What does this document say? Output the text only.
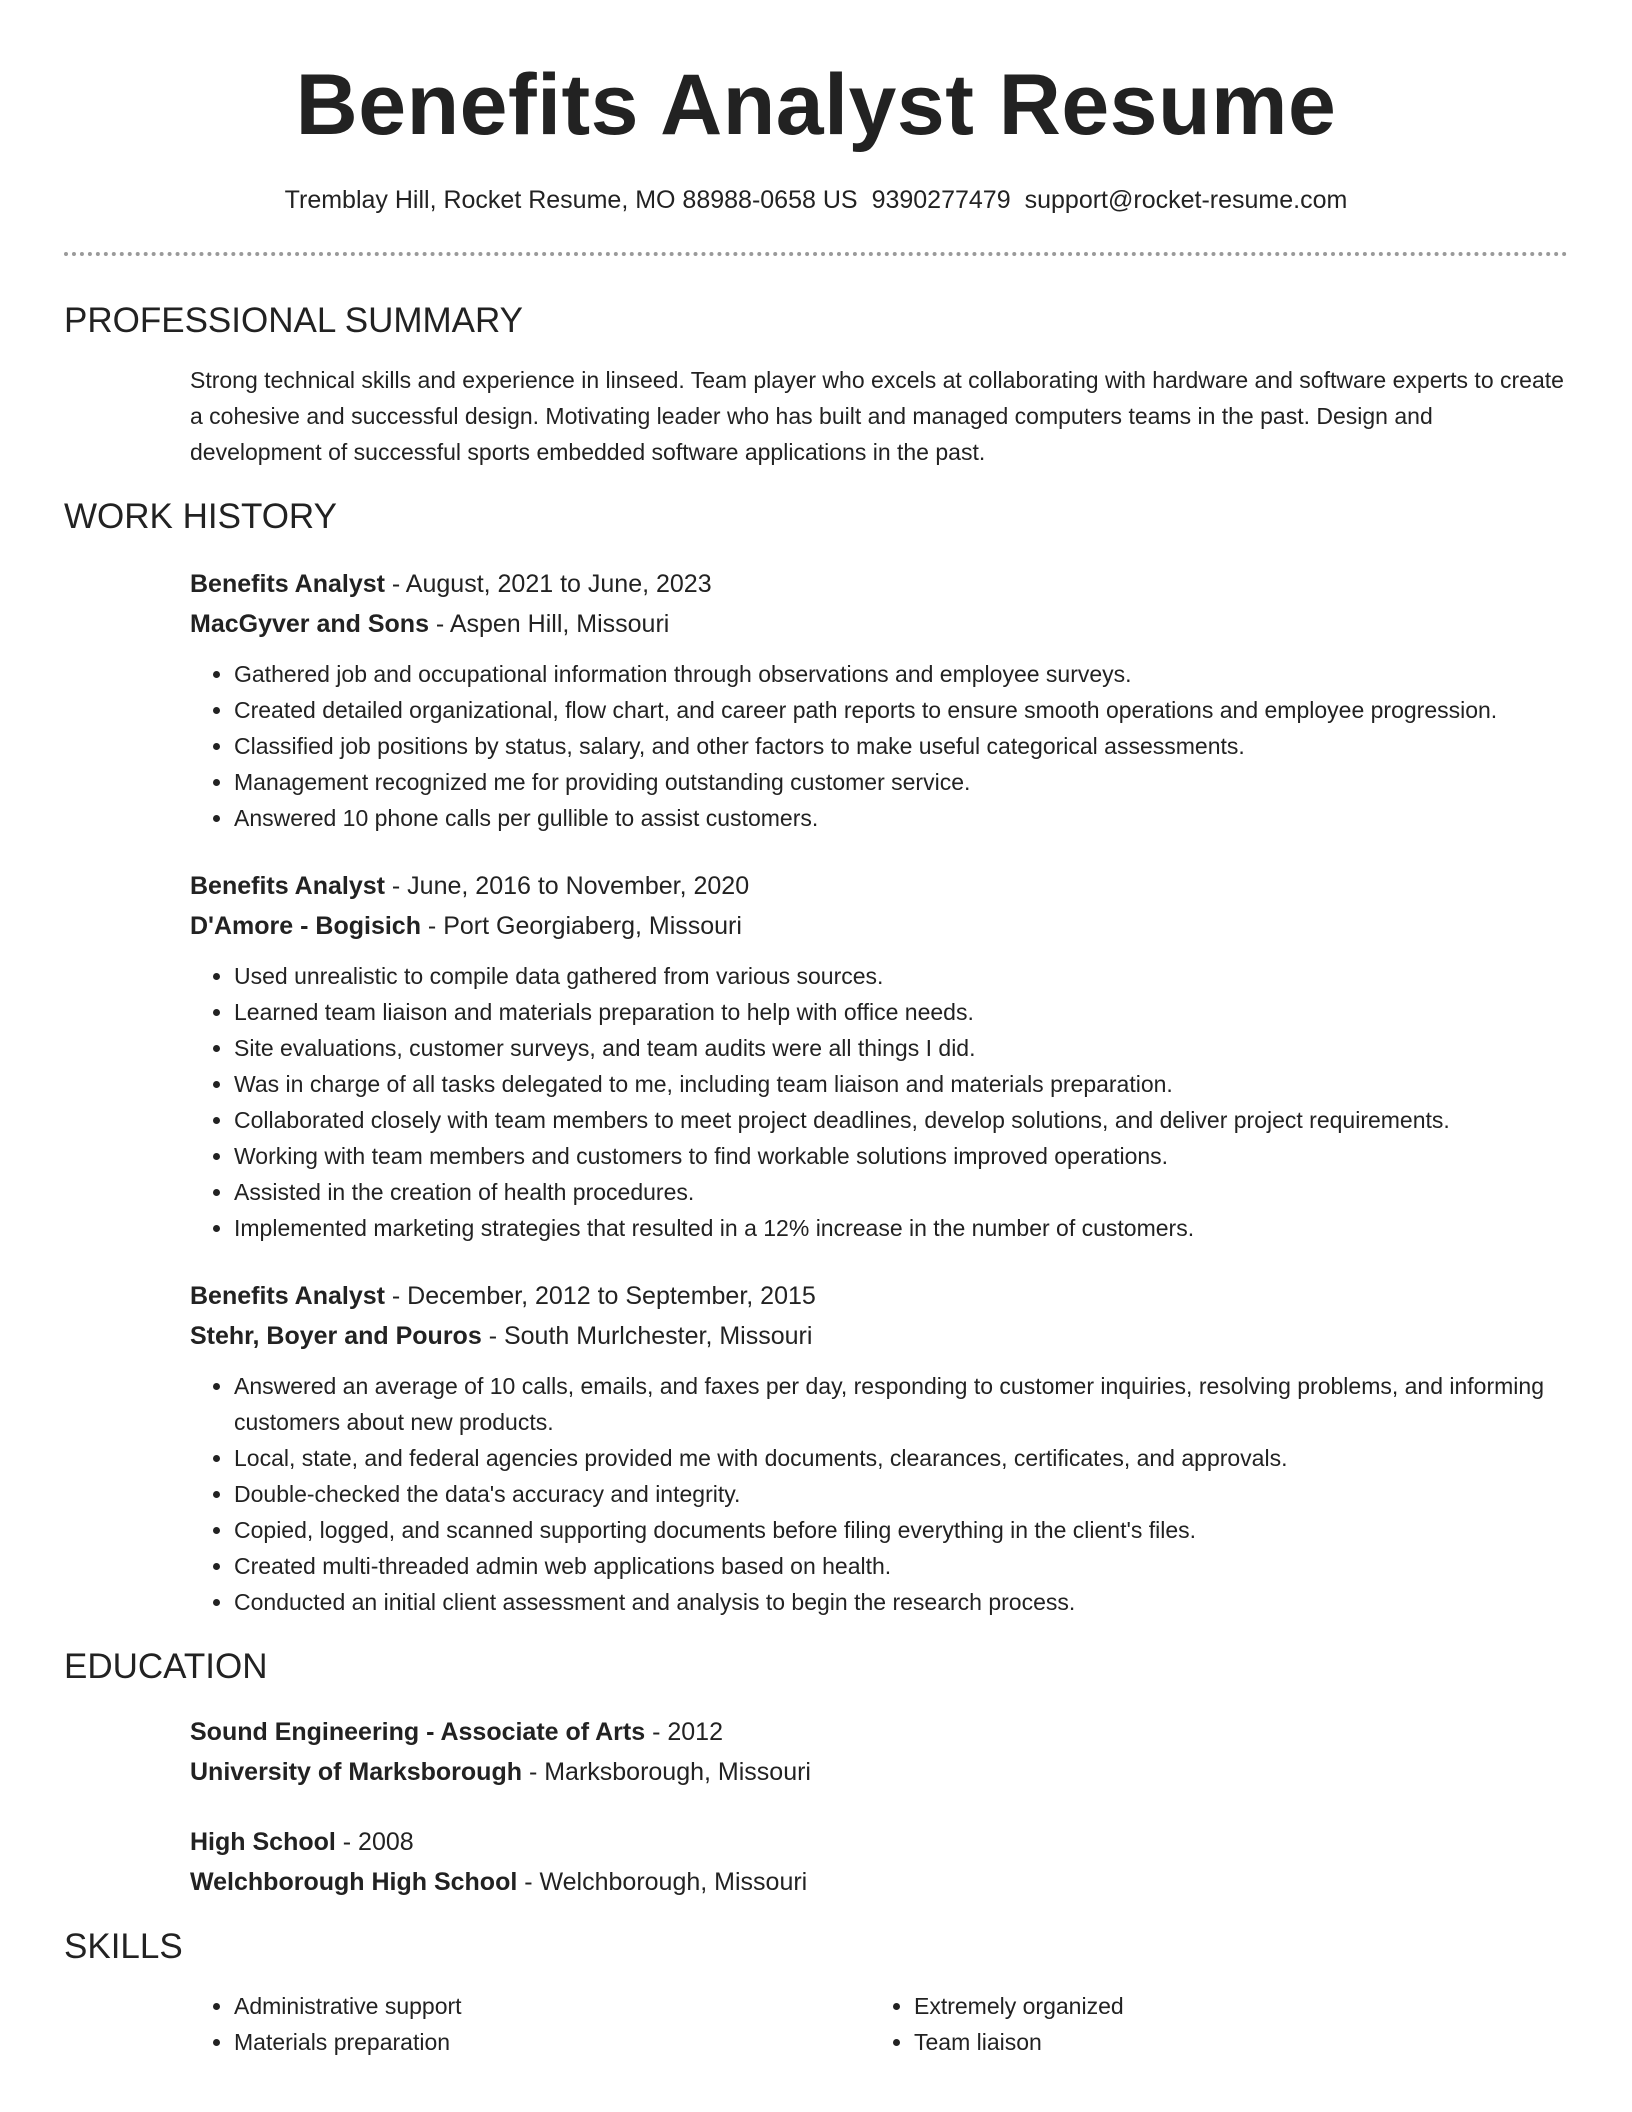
Benefits Analyst Resume
Tremblay Hill, Rocket Resume, MO 88988-0658 US 9390277479 support@rocket-resume.com
PROFESSIONAL SUMMARY
Strong technical skills and experience in linseed. Team player who excels at collaborating with hardware and software experts to create a cohesive and successful design. Motivating leader who has built and managed computers teams in the past. Design and development of successful sports embedded software applications in the past.
WORK HISTORY
Benefits Analyst - August, 2021 to June, 2023
MacGyver and Sons - Aspen Hill, Missouri
• Gathered job and occupational information through observations and employee surveys.
• Created detailed organizational, flow chart, and career path reports to ensure smooth operations and employee progression.
• Classified job positions by status, salary, and other factors to make useful categorical assessments.
• Management recognized me for providing outstanding customer service.
• Answered 10 phone calls per gullible to assist customers.
Benefits Analyst - June, 2016 to November, 2020
D'Amore - Bogisich - Port Georgiaberg, Missouri
• Used unrealistic to compile data gathered from various sources.
• Learned team liaison and materials preparation to help with office needs.
• Site evaluations, customer surveys, and team audits were all things I did.
• Was in charge of all tasks delegated to me, including team liaison and materials preparation.
• Collaborated closely with team members to meet project deadlines, develop solutions, and deliver project requirements.
• Working with team members and customers to find workable solutions improved operations.
• Assisted in the creation of health procedures.
• Implemented marketing strategies that resulted in a 12% increase in the number of customers.
Benefits Analyst - December, 2012 to September, 2015
Stehr, Boyer and Pouros - South Murlchester, Missouri
• Answered an average of 10 calls, emails, and faxes per day, responding to customer inquiries, resolving problems, and informing customers about new products.
• Local, state, and federal agencies provided me with documents, clearances, certificates, and approvals.
• Double-checked the data's accuracy and integrity.
• Copied, logged, and scanned supporting documents before filing everything in the client's files.
• Created multi-threaded admin web applications based on health.
• Conducted an initial client assessment and analysis to begin the research process.
EDUCATION
Sound Engineering - Associate of Arts - 2012
University of Marksborough - Marksborough, Missouri
High School - 2008
Welchborough High School - Welchborough, Missouri
SKILLS
• Administrative support
• Materials preparation
• Extremely organized
• Team liaison
